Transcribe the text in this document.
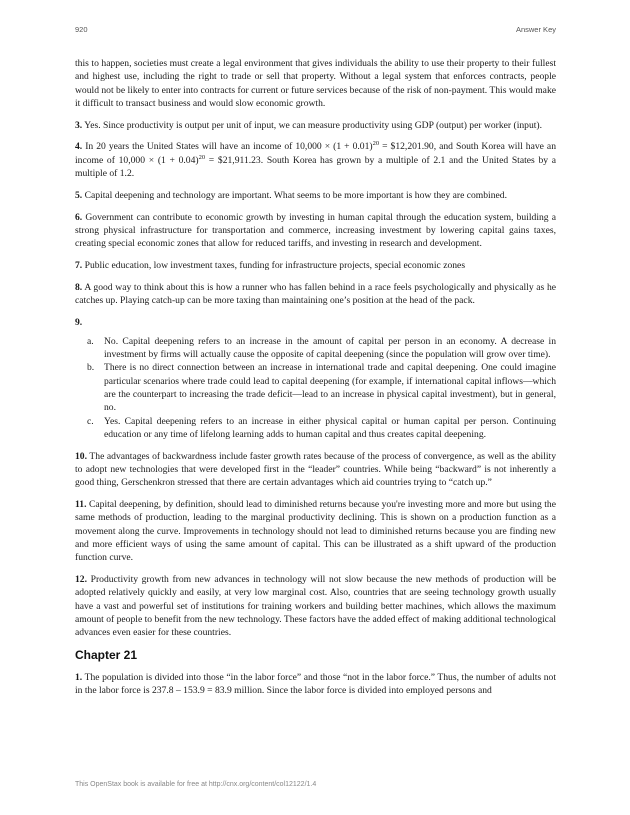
920	Answer Key

this to happen, societies must create a legal environment that gives individuals the ability to use their property to their fullest and highest use, including the right to trade or sell that property. Without a legal system that enforces contracts, people would not be likely to enter into contracts for current or future services because of the risk of non-payment. This would make it difficult to transact business and would slow economic growth.

3. Yes. Since productivity is output per unit of input, we can measure productivity using GDP (output) per worker (input).

4. In 20 years the United States will have an income of $10,000 \times (1 + 0.01)^{20}$ = $12,201.90, and South Korea will have an income of $10,000 \times (1 + 0.04)^{20}$ = $21,911.23. South Korea has grown by a multiple of 2.1 and the United States by a multiple of 1.2.

5. Capital deepening and technology are important. What seems to be more important is how they are combined.

6. Government can contribute to economic growth by investing in human capital through the education system, building a strong physical infrastructure for transportation and commerce, increasing investment by lowering capital gains taxes, creating special economic zones that allow for reduced tariffs, and investing in research and development.

7. Public education, low investment taxes, funding for infrastructure projects, special economic zones

8. A good way to think about this is how a runner who has fallen behind in a race feels psychologically and physically as he catches up. Playing catch-up can be more taxing than maintaining one’s position at the head of the pack.

9.

a. No. Capital deepening refers to an increase in the amount of capital per person in an economy. A decrease in investment by firms will actually cause the opposite of capital deepening (since the population will grow over time).
b. There is no direct connection between an increase in international trade and capital deepening. One could imagine particular scenarios where trade could lead to capital deepening (for example, if international capital inflows—which are the counterpart to increasing the trade deficit—lead to an increase in physical capital investment), but in general, no.
c. Yes. Capital deepening refers to an increase in either physical capital or human capital per person. Continuing education or any time of lifelong learning adds to human capital and thus creates capital deepening.

10. The advantages of backwardness include faster growth rates because of the process of convergence, as well as the ability to adopt new technologies that were developed first in the “leader” countries. While being “backward” is not inherently a good thing, Gerschenkron stressed that there are certain advantages which aid countries trying to “catch up.”

11. Capital deepening, by definition, should lead to diminished returns because you're investing more and more but using the same methods of production, leading to the marginal productivity declining. This is shown on a production function as a movement along the curve. Improvements in technology should not lead to diminished returns because you are finding new and more efficient ways of using the same amount of capital. This can be illustrated as a shift upward of the production function curve.

12. Productivity growth from new advances in technology will not slow because the new methods of production will be adopted relatively quickly and easily, at very low marginal cost. Also, countries that are seeing technology growth usually have a vast and powerful set of institutions for training workers and building better machines, which allows the maximum amount of people to benefit from the new technology. These factors have the added effect of making additional technological advances even easier for these countries.

Chapter 21

1. The population is divided into those “in the labor force” and those “not in the labor force.” Thus, the number of adults not in the labor force is 237.8 – 153.9 = 83.9 million. Since the labor force is divided into employed persons and

This OpenStax book is available for free at http://cnx.org/content/col12122/1.4
